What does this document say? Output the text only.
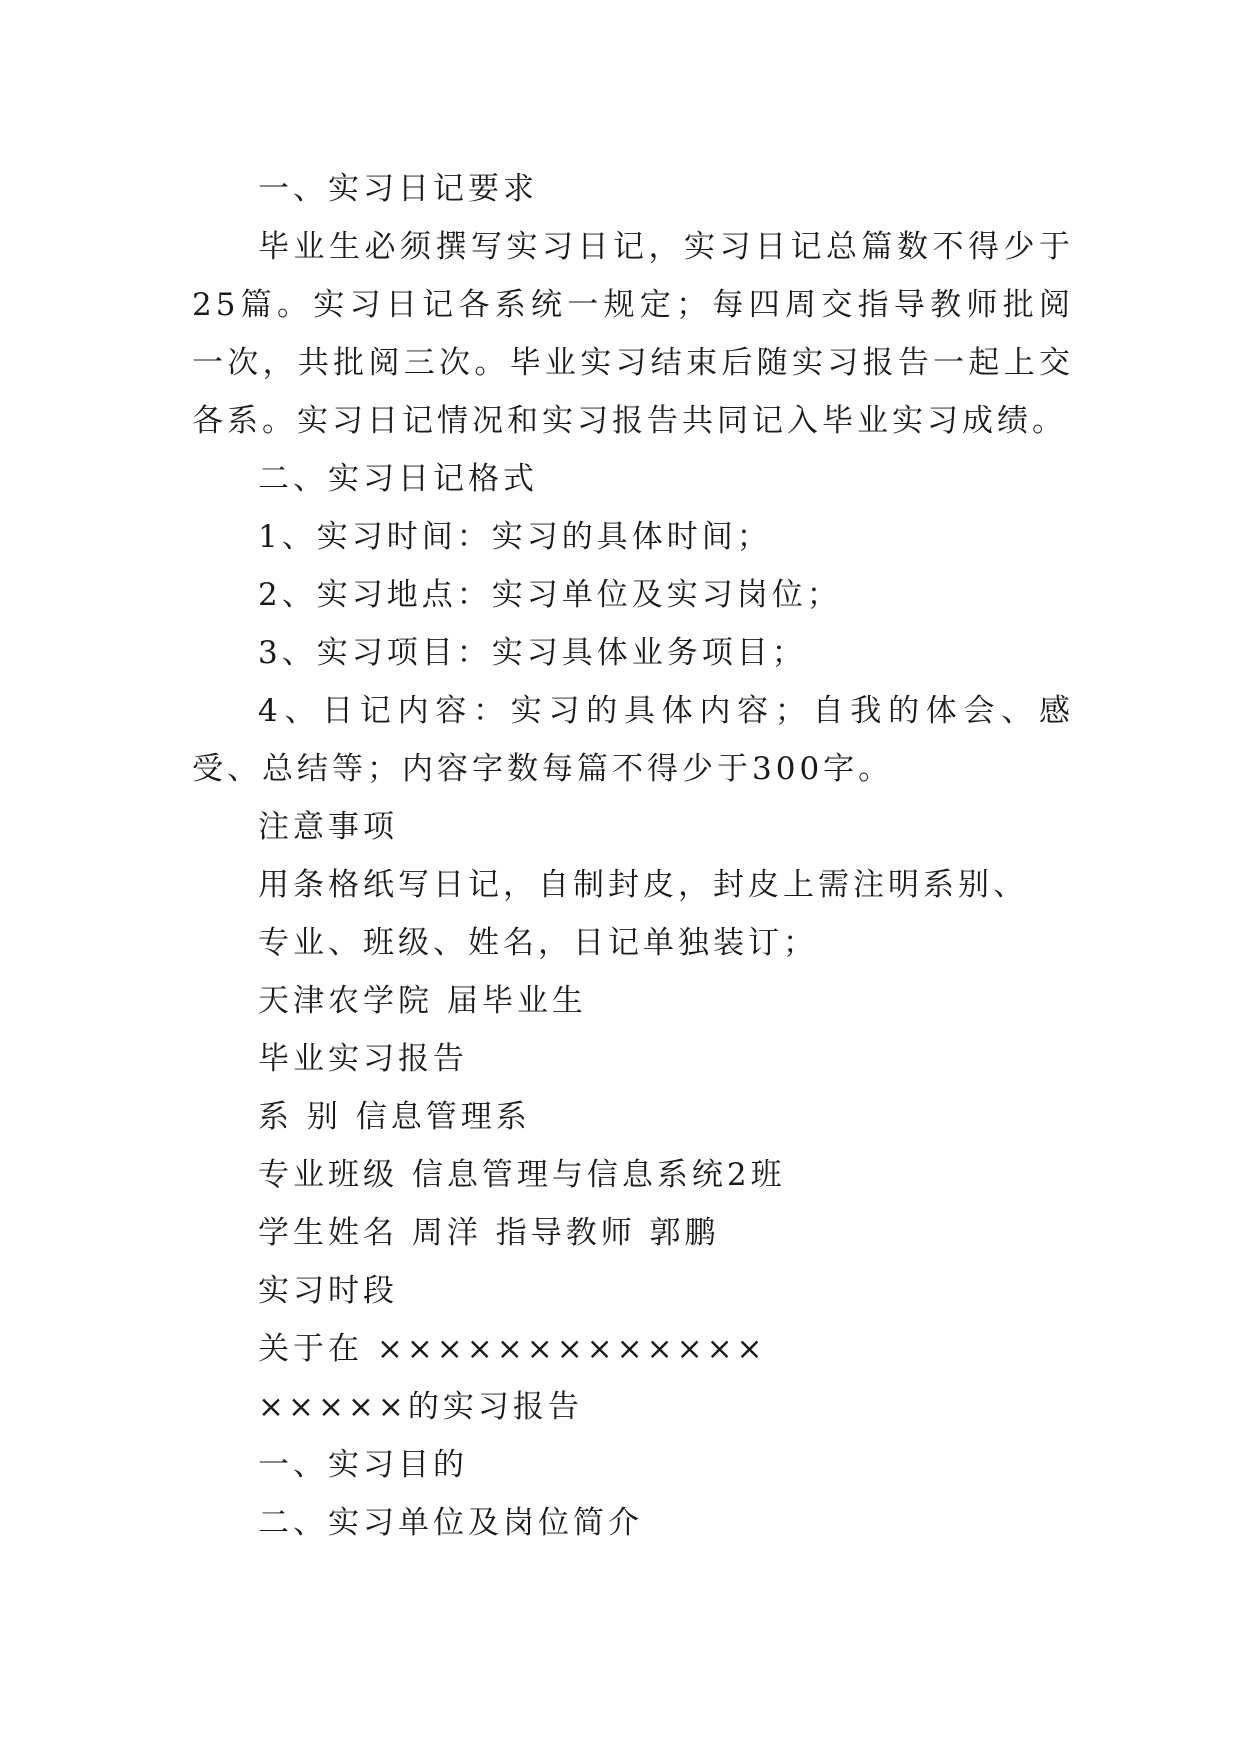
一、实习日记要求

毕业生必须撰写实习日记，实习日记总篇数不得少于25篇。实习日记各系统一规定；每四周交指导教师批阅一次，共批阅三次。毕业实习结束后随实习报告一起上交各系。实习日记情况和实习报告共同记入毕业实习成绩。

二、实习日记格式

1、实习时间：实习的具体时间；

2、实习地点：实习单位及实习岗位；

3、实习项目：实习具体业务项目；

4、日记内容：实习的具体内容；自我的体会、感受、总结等；内容字数每篇不得少于300字。

注意事项

用条格纸写日记，自制封皮，封皮上需注明系别、

专业、班级、姓名，日记单独装订；

天津农学院 届毕业生

毕业实习报告

系 别 信息管理系

专业班级 信息管理与信息系统2班

学生姓名 周洋 指导教师 郭鹏

实习时段

关于在 ×××××××××××××

×××××的实习报告

一、实习目的

二、实习单位及岗位简介
